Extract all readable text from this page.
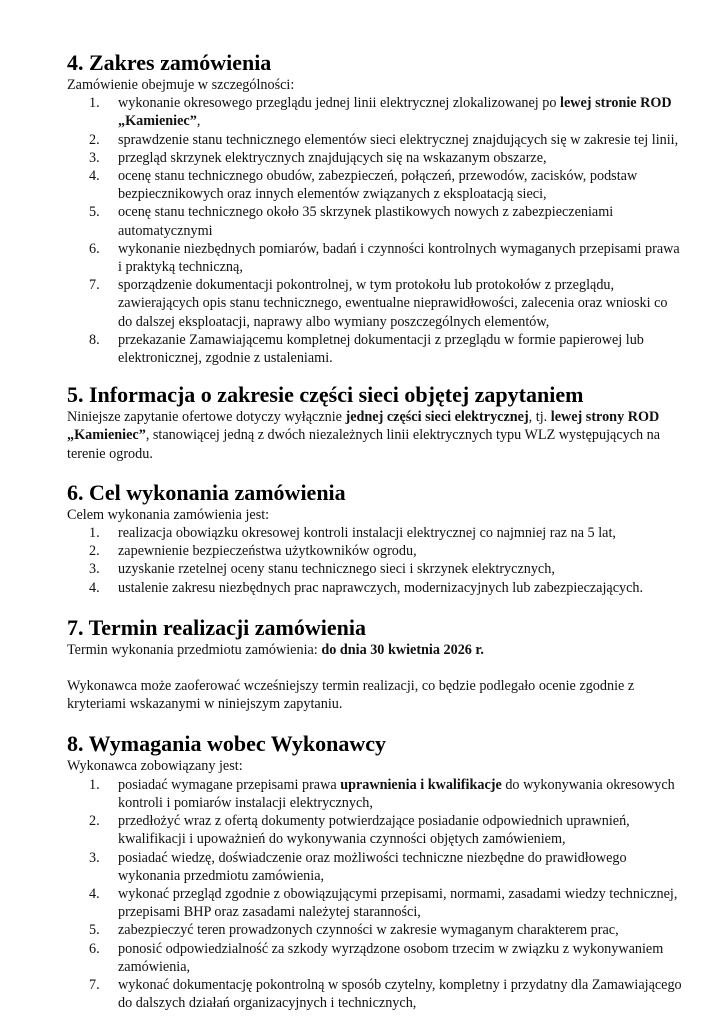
4. Zakres zamówienia

Zamówienie obejmuje w szczególności:

1.	wykonanie okresowego przeglądu jednej linii elektrycznej zlokalizowanej po lewej stronie ROD „Kamieniec”,
2.	sprawdzenie stanu technicznego elementów sieci elektrycznej znajdujących się w zakresie tej linii,
3.	przegląd skrzynek elektrycznych znajdujących się na wskazanym obszarze,
4.	ocenę stanu technicznego obudów, zabezpieczeń, połączeń, przewodów, zacisków, podstaw bezpiecznikowych oraz innych elementów związanych z eksploatacją sieci,
5.	ocenę stanu technicznego około 35 skrzynek plastikowych nowych z zabezpieczeniami automatycznymi
6.	wykonanie niezbędnych pomiarów, badań i czynności kontrolnych wymaganych przepisami prawa i praktyką techniczną,
7.	sporządzenie dokumentacji pokontrolnej, w tym protokołu lub protokołów z przeglądu, zawierających opis stanu technicznego, ewentualne nieprawidłowości, zalecenia oraz wnioski co do dalszej eksploatacji, naprawy albo wymiany poszczególnych elementów,
8.	przekazanie Zamawiającemu kompletnej dokumentacji z przeglądu w formie papierowej lub elektronicznej, zgodnie z ustaleniami.
5. Informacja o zakresie części sieci objętej zapytaniem

Niniejsze zapytanie ofertowe dotyczy wyłącznie jednej części sieci elektrycznej, tj. lewej strony ROD „Kamieniec”, stanowiącej jedną z dwóch niezależnych linii elektrycznych typu WLZ występujących na terenie ogrodu.

6. Cel wykonania zamówienia

Celem wykonania zamówienia jest:

1.	realizacja obowiązku okresowej kontroli instalacji elektrycznej co najmniej raz na 5 lat,
2.	zapewnienie bezpieczeństwa użytkowników ogrodu,
3.	uzyskanie rzetelnej oceny stanu technicznego sieci i skrzynek elektrycznych,
4.	ustalenie zakresu niezbędnych prac naprawczych, modernizacyjnych lub zabezpieczających.
7. Termin realizacji zamówienia

Termin wykonania przedmiotu zamówienia: do dnia 30 kwietnia 2026 r.

Wykonawca może zaoferować wcześniejszy termin realizacji, co będzie podlegało ocenie zgodnie z kryteriami wskazanymi w niniejszym zapytaniu.

8. Wymagania wobec Wykonawcy

Wykonawca zobowiązany jest:

1.	posiadać wymagane przepisami prawa uprawnienia i kwalifikacje do wykonywania okresowych kontroli i pomiarów instalacji elektrycznych,
2.	przedłożyć wraz z ofertą dokumenty potwierdzające posiadanie odpowiednich uprawnień, kwalifikacji i upoważnień do wykonywania czynności objętych zamówieniem,
3.	posiadać wiedzę, doświadczenie oraz możliwości techniczne niezbędne do prawidłowego wykonania przedmiotu zamówienia,
4.	wykonać przegląd zgodnie z obowiązującymi przepisami, normami, zasadami wiedzy technicznej, przepisami BHP oraz zasadami należytej staranności,
5.	zabezpieczyć teren prowadzonych czynności w zakresie wymaganym charakterem prac,
6.	ponosić odpowiedzialność za szkody wyrządzone osobom trzecim w związku z wykonywaniem zamówienia,
7.	wykonać dokumentację pokontrolną w sposób czytelny, kompletny i przydatny dla Zamawiającego do dalszych działań organizacyjnych i technicznych,
